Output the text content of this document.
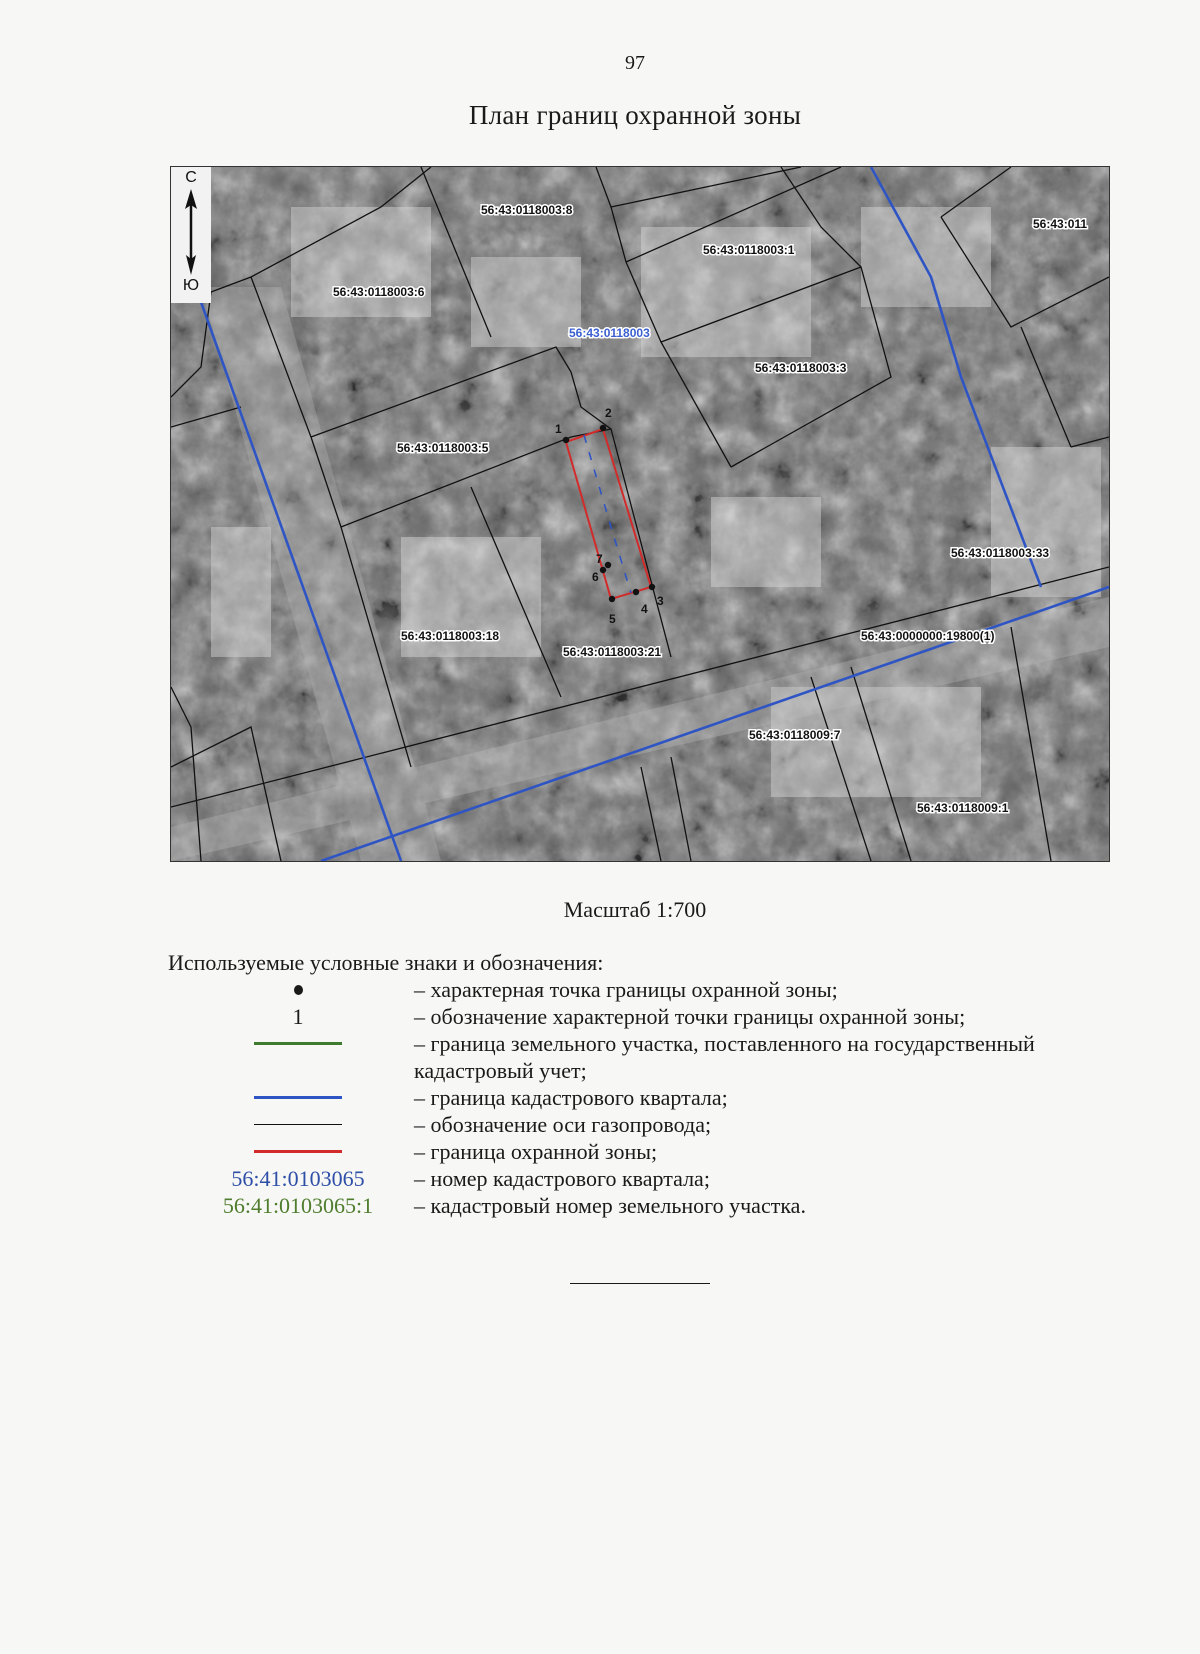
97
План границ охранной зоны
1
2
3
4
5
6
7
56:43:0118003:8
56:43:0118003:1
56:43:011
56:43:0118003:6
56:43:0118003:3
56:43:0118003:5
56:43:0118003:33
56:43:0118003:18
56:43:0118003:21
56:43:0000000:19800(1)
56:43:0118009:7
56:43:0118009:1
56:43:0118003
С
Ю
Масштаб 1:700
Используемые условные знаки и обозначения:
– характерная точка границы охранной зоны;
1	– обозначение характерной точки границы охранной зоны;
– граница земельного участка, поставленного на государственный кадастровый учет;
– граница кадастрового квартала;
– обозначение оси газопровода;
– граница охранной зоны;
56:41:0103065	– номер кадастрового квартала;
56:41:0103065:1	– кадастровый номер земельного участка.
